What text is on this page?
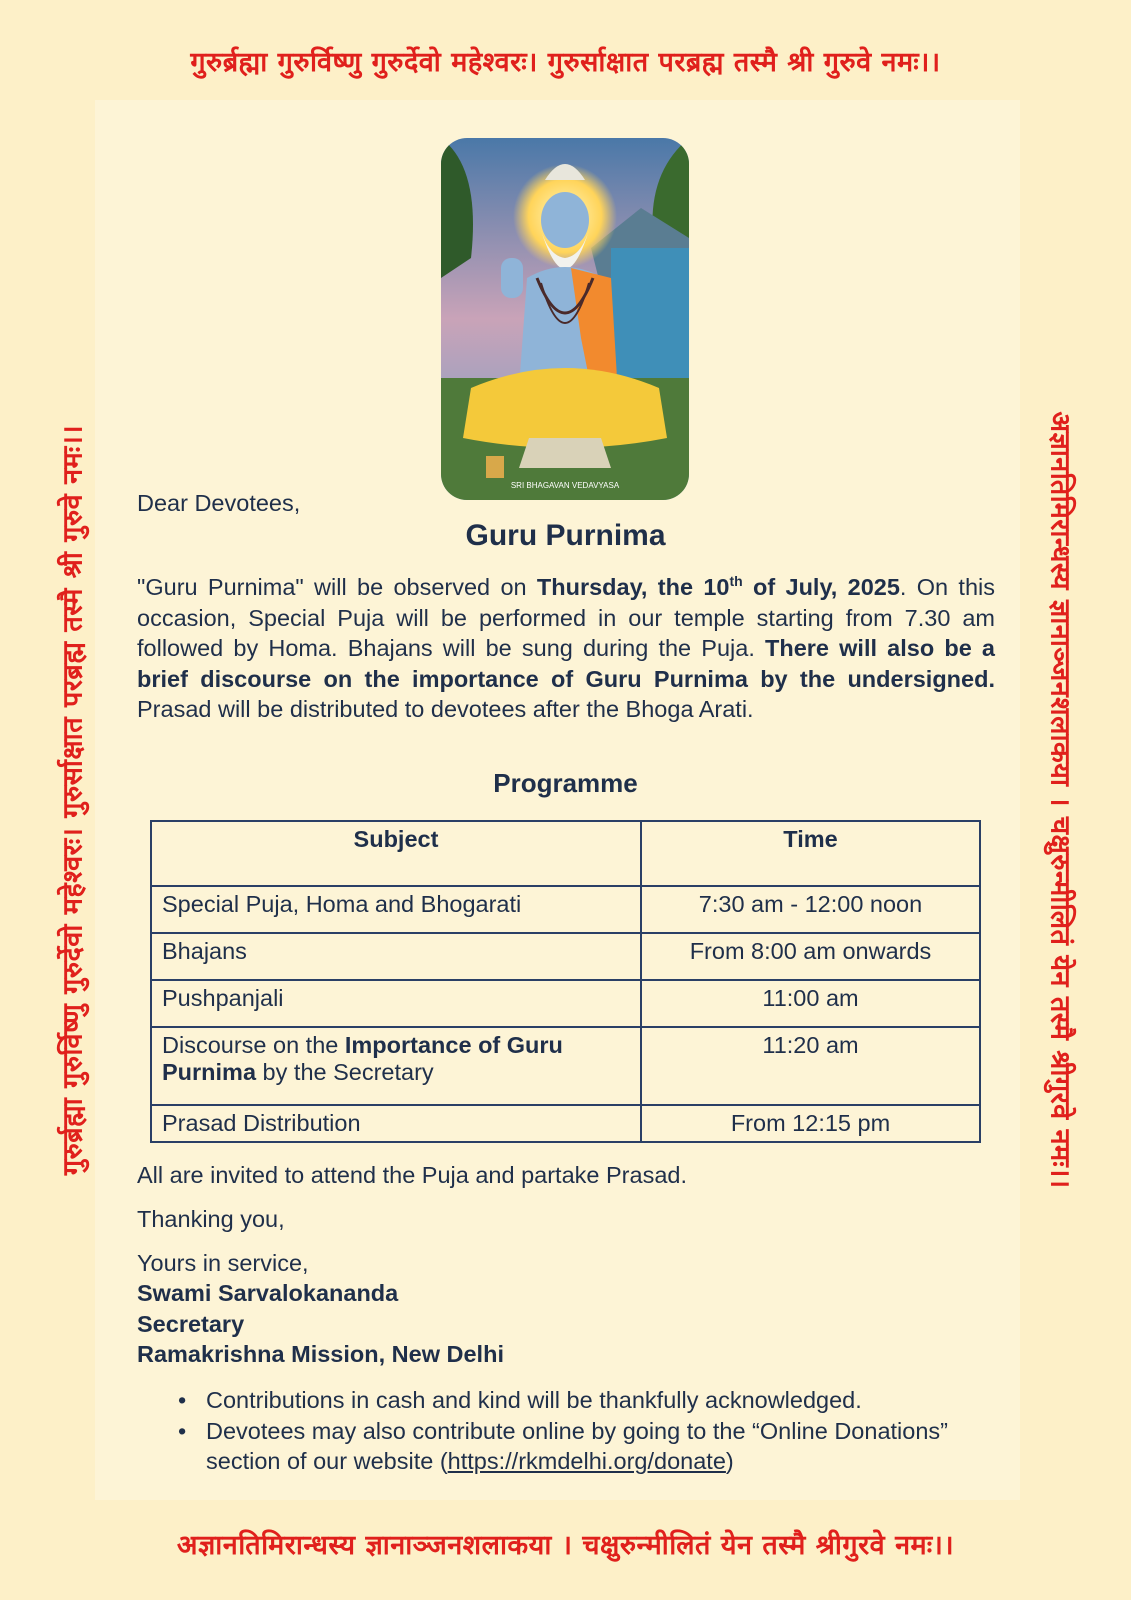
गुरुर्ब्रह्मा गुरुर्विष्णु गुरुर्देवो महेश्वरः। गुरुर्साक्षात परब्रह्म तस्मै श्री गुरुवे नमः।।
गुरुर्ब्रह्मा गुरुर्विष्णु गुरुर्देवो महेश्वरः। गुरुर्साक्षात परब्रह्म तस्मै श्री गुरुवे नमः।।	अज्ञानतिमिरान्धस्य ज्ञानाञ्जनशलाकया । चक्षुरुन्मीलितं येन तस्मै श्रीगुरवे नमः।।
अज्ञानतिमिरान्धस्य ज्ञानाञ्जनशलाकया । चक्षुरुन्मीलितं येन तस्मै श्रीगुरवे नमः।।
SRI BHAGAVAN VEDAVYASA
Dear Devotees,
Guru Purnima
"Guru Purnima" will be observed on Thursday, the 10th of July, 2025. On this occasion, Special Puja will be performed in our temple starting from 7.30 am followed by Homa. Bhajans will be sung during the Puja. There will also be a brief discourse on the importance of Guru Purnima by the undersigned. Prasad will be distributed to devotees after the Bhoga Arati.
Programme
Subject	Time
Special Puja, Homa and Bhogarati	7:30 am - 12:00 noon
Bhajans	From 8:00 am onwards
Pushpanjali	11:00 am
Discourse on the Importance of Guru Purnima by the Secretary	11:20 am
Prasad Distribution	From 12:15 pm
All are invited to attend the Puja and partake Prasad.
Thanking you,
Yours in service,
Swami Sarvalokananda
Secretary
Ramakrishna Mission, New Delhi
• Contributions in cash and kind will be thankfully acknowledged.
• Devotees may also contribute online by going to the “Online Donations” section of our website (https://rkmdelhi.org/donate)
